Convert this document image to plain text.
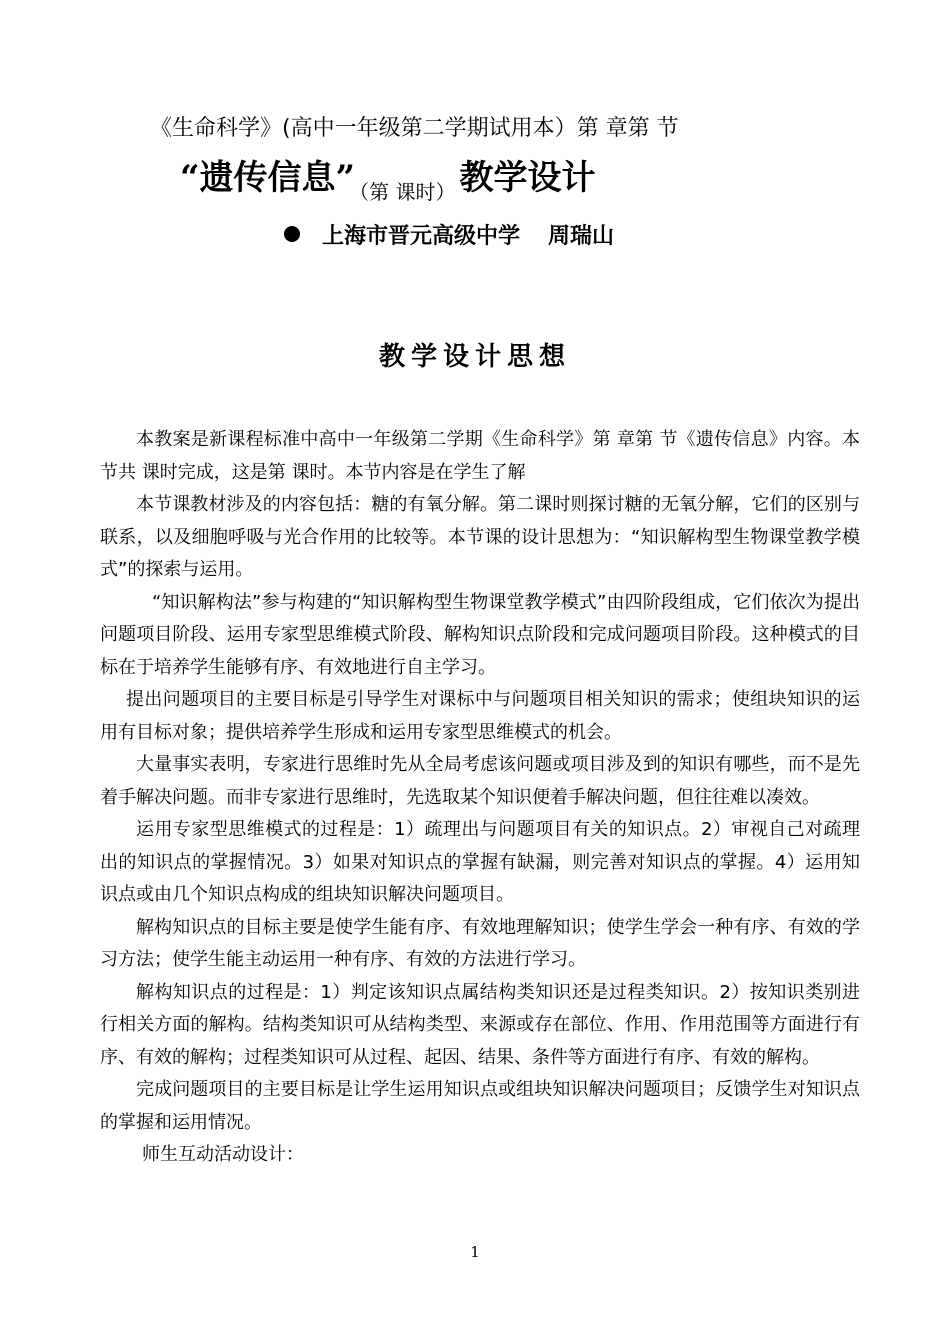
《生命科学》(高中一年级第二学期试用本）第 章第 节
“遗传信息” （第 课时） 教学设计
上海市晋元高级中学 周瑞山
教学设计思想

本教案是新课程标准中高中一年级第二学期《生命科学》第 章第 节《遗传信息》内容。本节共 课时完成，这是第 课时。本节内容是在学生了解

本节课教材涉及的内容包括：糖的有氧分解。第二课时则探讨糖的无氧分解，它们的区别与联系，以及细胞呼吸与光合作用的比较等。本节课的设计思想为：“知识解构型生物课堂教学模式”的探索与运用。

“知识解构法”参与构建的“知识解构型生物课堂教学模式”由四阶段组成，它们依次为提出问题项目阶段、运用专家型思维模式阶段、解构知识点阶段和完成问题项目阶段。这种模式的目标在于培养学生能够有序、有效地进行自主学习。

提出问题项目的主要目标是引导学生对课标中与问题项目相关知识的需求；使组块知识的运用有目标对象；提供培养学生形成和运用专家型思维模式的机会。

大量事实表明，专家进行思维时先从全局考虑该问题或项目涉及到的知识有哪些，而不是先着手解决问题。而非专家进行思维时，先选取某个知识便着手解决问题，但往往难以凑效。

运用专家型思维模式的过程是：1）疏理出与问题项目有关的知识点。2）审视自己对疏理出的知识点的掌握情况。3）如果对知识点的掌握有缺漏，则完善对知识点的掌握。4）运用知识点或由几个知识点构成的组块知识解决问题项目。

解构知识点的目标主要是使学生能有序、有效地理解知识；使学生学会一种有序、有效的学习方法；使学生能主动运用一种有序、有效的方法进行学习。

解构知识点的过程是：1）判定该知识点属结构类知识还是过程类知识。2）按知识类别进行相关方面的解构。结构类知识可从结构类型、来源或存在部位、作用、作用范围等方面进行有序、有效的解构；过程类知识可从过程、起因、结果、条件等方面进行有序、有效的解构。

完成问题项目的主要目标是让学生运用知识点或组块知识解决问题项目；反馈学生对知识点的掌握和运用情况。

师生互动活动设计：

1
